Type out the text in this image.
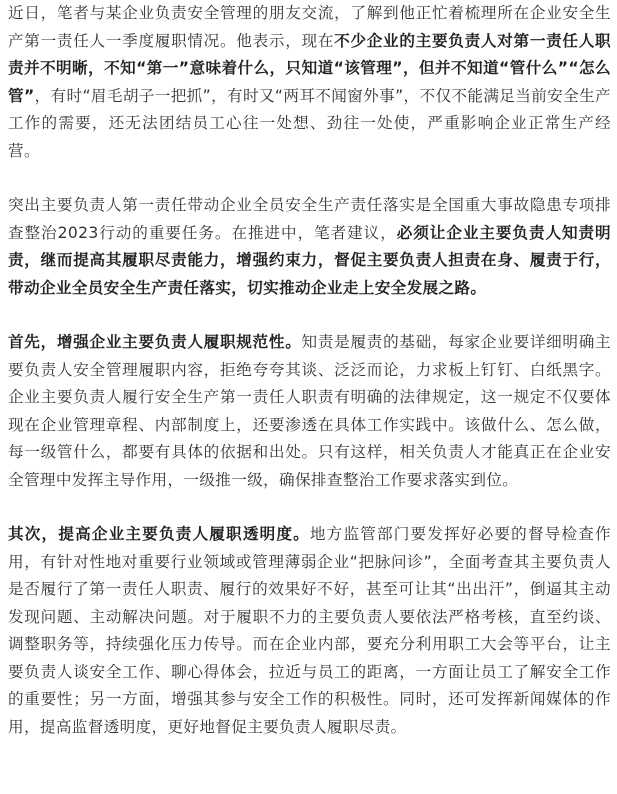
近日，笔者与某企业负责安全管理的朋友交流，了解到他正忙着梳理所在企业安全生产第一责任人一季度履职情况。他表示，现在不少企业的主要负责人对第一责任人职责并不明晰，不知“第一”意味着什么，只知道“该管理”，但并不知道“管什么”“怎么管”，有时“眉毛胡子一把抓”，有时又“两耳不闻窗外事”，不仅不能满足当前安全生产工作的需要，还无法团结员工心往一处想、劲往一处使，严重影响企业正常生产经营。

突出主要负责人第一责任带动企业全员安全生产责任落实是全国重大事故隐患专项排查整治2023行动的重要任务。在推进中，笔者建议，必须让企业主要负责人知责明责，继而提高其履职尽责能力，增强约束力，督促主要负责人担责在身、履责于行，带动企业全员安全生产责任落实，切实推动企业走上安全发展之路。

首先，增强企业主要负责人履职规范性。知责是履责的基础，每家企业要详细明确主要负责人安全管理履职内容，拒绝夸夸其谈、泛泛而论，力求板上钉钉、白纸黑字。企业主要负责人履行安全生产第一责任人职责有明确的法律规定，这一规定不仅要体现在企业管理章程、内部制度上，还要渗透在具体工作实践中。该做什么、怎么做，每一级管什么，都要有具体的依据和出处。只有这样，相关负责人才能真正在企业安全管理中发挥主导作用，一级推一级，确保排查整治工作要求落实到位。

其次，提高企业主要负责人履职透明度。地方监管部门要发挥好必要的督导检查作用，有针对性地对重要行业领域或管理薄弱企业“把脉问诊”，全面考查其主要负责人是否履行了第一责任人职责、履行的效果好不好，甚至可让其“出出汗”，倒逼其主动发现问题、主动解决问题。对于履职不力的主要负责人要依法严格考核，直至约谈、调整职务等，持续强化压力传导。而在企业内部，要充分利用职工大会等平台，让主要负责人谈安全工作、聊心得体会，拉近与员工的距离，一方面让员工了解安全工作的重要性；另一方面，增强其参与安全工作的积极性。同时，还可发挥新闻媒体的作用，提高监督透明度，更好地督促主要负责人履职尽责。
